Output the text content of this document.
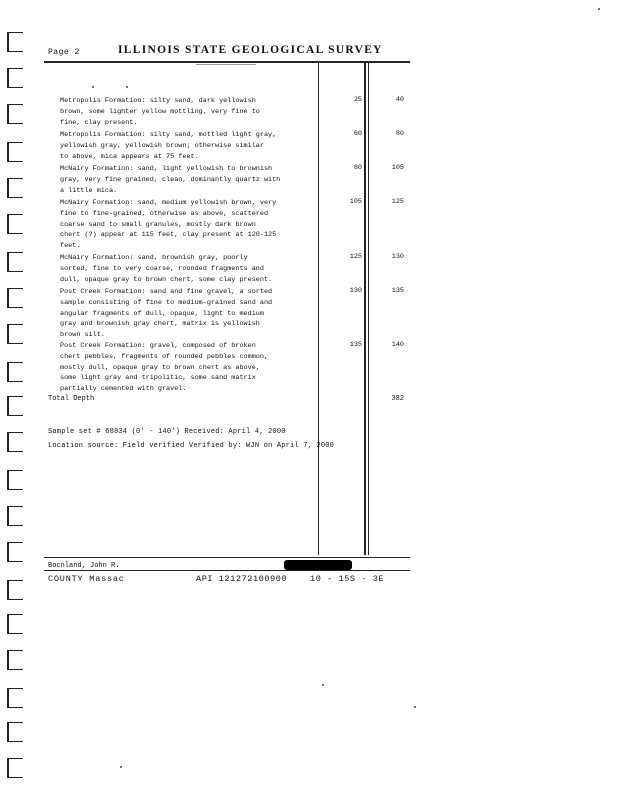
Page 2	ILLINOIS STATE GEOLOGICAL SURVEY
Metropolis Formation: silty sand, dark yellowish
brown, some lighter yellow mottling, very fine to
fine, clay present.
25	40
Metropolis Formation: silty sand, mottled light gray,
yellowish gray, yellowish brown; otherwise similar
to above, mica appears at 75 feet.
60	80
McNairy Formation: sand, light yellowish to brownish
gray, very fine grained, clean, dominantly quartz with
a little mica.
80	105
McNairy Formation: sand, medium yellowish brown, very
fine to fine-grained, otherwise as above, scattered
coarse sand to small granules, mostly dark brown
chert (?) appear at 115 feet, clay present at 120-125
feet.
105	125
McNairy Formation: sand, brownish gray, poorly
sorted, fine to very coarse, rounded fragments and
dull, opaque gray to brown chert, some clay present.
125	130
Post Creek Formation: sand and fine gravel, a sorted
sample consisting of fine to medium-grained sand and
angular fragments of dull, opaque, light to medium
gray and brownish gray chert, matrix is yellowish
brown silt.
130	135
Post Creek Formation: gravel, composed of broken
chert pebbles, fragments of rounded pebbles common,
mostly dull, opaque gray to brown chert as above,
some light gray and tripolitic, some sand matrix
partially cemented with gravel.
135	140
Total Depth	382
Sample set # 68834 (0' - 140') Received: April 4, 2000
Location source: Field verified Verified by: WJN on April 7, 2000
Bocnland, John R.
COUNTY Massac	API 121272100900	10 - 15S - 3E
